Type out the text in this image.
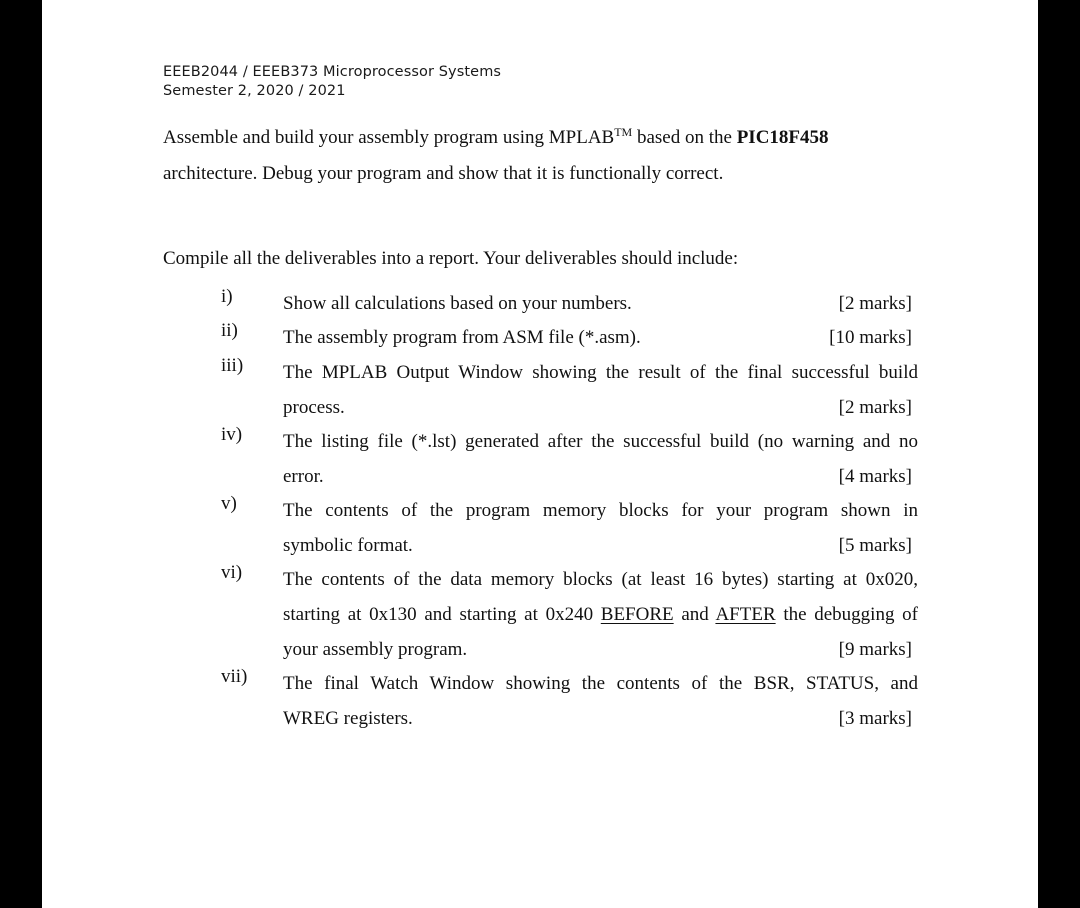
EEEB2044 / EEEB373 Microprocessor Systems
Semester 2, 2020 / 2021
Assemble and build your assembly program using MPLAB™ based on the PIC18F458
architecture. Debug your program and show that it is functionally correct.
Compile all the deliverables into a report. Your deliverables should include:
i)	Show all calculations based on your numbers.	[2 marks]
ii)	The assembly program from ASM file (*.asm).	[10 marks]
iii)	The MPLAB Output Window showing the result of the final successful build
process.	[2 marks]
iv)	The listing file (*.lst) generated after the successful build (no warning and no
error.	[4 marks]
v)	The contents of the program memory blocks for your program shown in
symbolic format.	[5 marks]
vi)	The contents of the data memory blocks (at least 16 bytes) starting at 0x020,
starting at 0x130 and starting at 0x240 BEFORE and AFTER the debugging of
your assembly program.	[9 marks]
vii)	The final Watch Window showing the contents of the BSR, STATUS, and
WREG registers.	[3 marks]
